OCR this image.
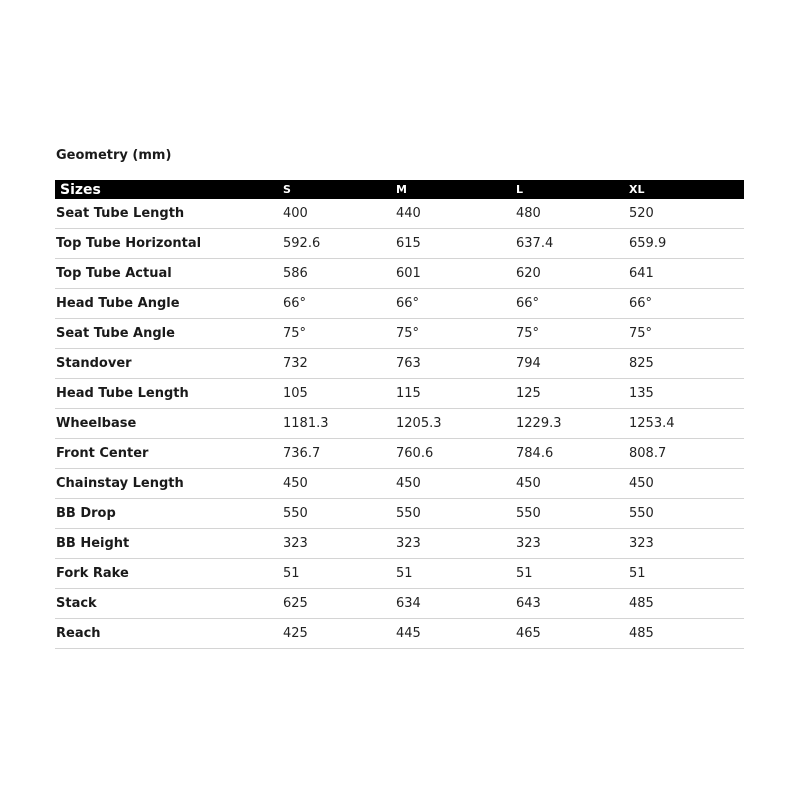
Geometry (mm)
Sizes	S	M	L	XL
Seat Tube Length	400	440	480	520
Top Tube Horizontal	592.6	615	637.4	659.9
Top Tube Actual	586	601	620	641
Head Tube Angle	66°	66°	66°	66°
Seat Tube Angle	75°	75°	75°	75°
Standover	732	763	794	825
Head Tube Length	105	115	125	135
Wheelbase	1181.3	1205.3	1229.3	1253.4
Front Center	736.7	760.6	784.6	808.7
Chainstay Length	450	450	450	450
BB Drop	550	550	550	550
BB Height	323	323	323	323
Fork Rake	51	51	51	51
Stack	625	634	643	485
Reach	425	445	465	485
